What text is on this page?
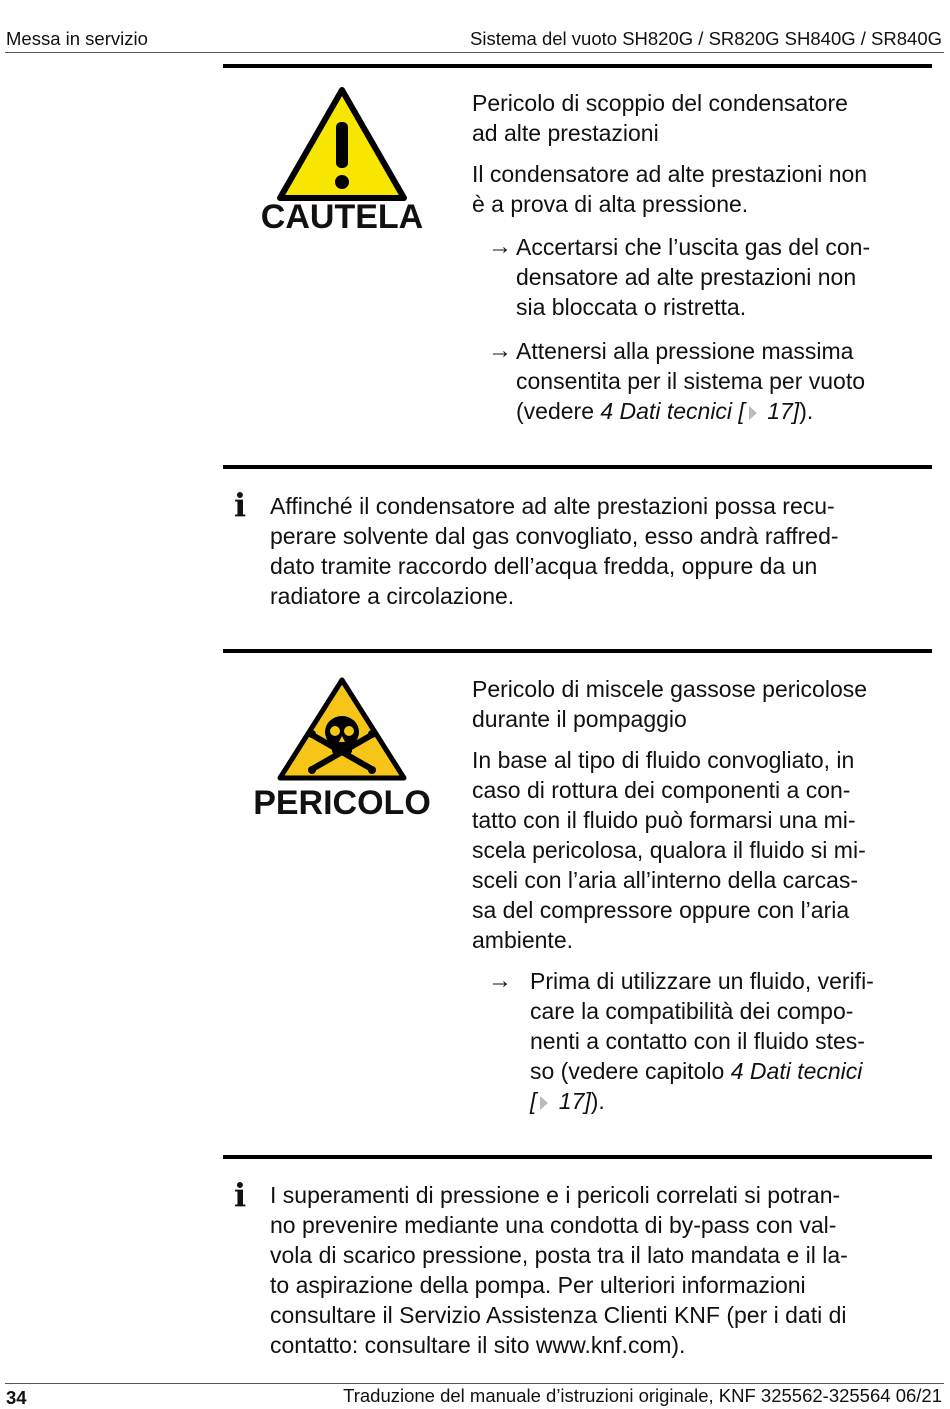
Messa in servizio	Sistema del vuoto SH820G / SR820G SH840G / SR840G
CAUTELA
Pericolo di scoppio del condensatore
ad alte prestazioni
Il condensatore ad alte prestazioni non
è a prova di alta pressione.
→ Accertarsi che l’uscita gas del con-
densatore ad alte prestazioni non
sia bloccata o ristretta.
→ Attenersi alla pressione massima
consentita per il sistema per vuoto
(vedere 4 Dati tecnici [ 17]).
i Affinché il condensatore ad alte prestazioni possa recu-
perare solvente dal gas convogliato, esso andrà raffred-
dato tramite raccordo dell’acqua fredda, oppure da un
radiatore a circolazione.
PERICOLO
Pericolo di miscele gassose pericolose
durante il pompaggio
In base al tipo di fluido convogliato, in
caso di rottura dei componenti a con-
tatto con il fluido può formarsi una mi-
scela pericolosa, qualora il fluido si mi-
sceli con l’aria all’interno della carcas-
sa del compressore oppure con l’aria
ambiente.
→ Prima di utilizzare un fluido, verifi-
care la compatibilità dei compo-
nenti a contatto con il fluido stes-
so (vedere capitolo 4 Dati tecnici
[ 17]).
i I superamenti di pressione e i pericoli correlati si potran-
no prevenire mediante una condotta di by-pass con val-
vola di scarico pressione, posta tra il lato mandata e il la-
to aspirazione della pompa. Per ulteriori informazioni
consultare il Servizio Assistenza Clienti KNF (per i dati di
contatto: consultare il sito www.knf.com).
34	Traduzione del manuale d’istruzioni originale, KNF 325562-325564 06/21
